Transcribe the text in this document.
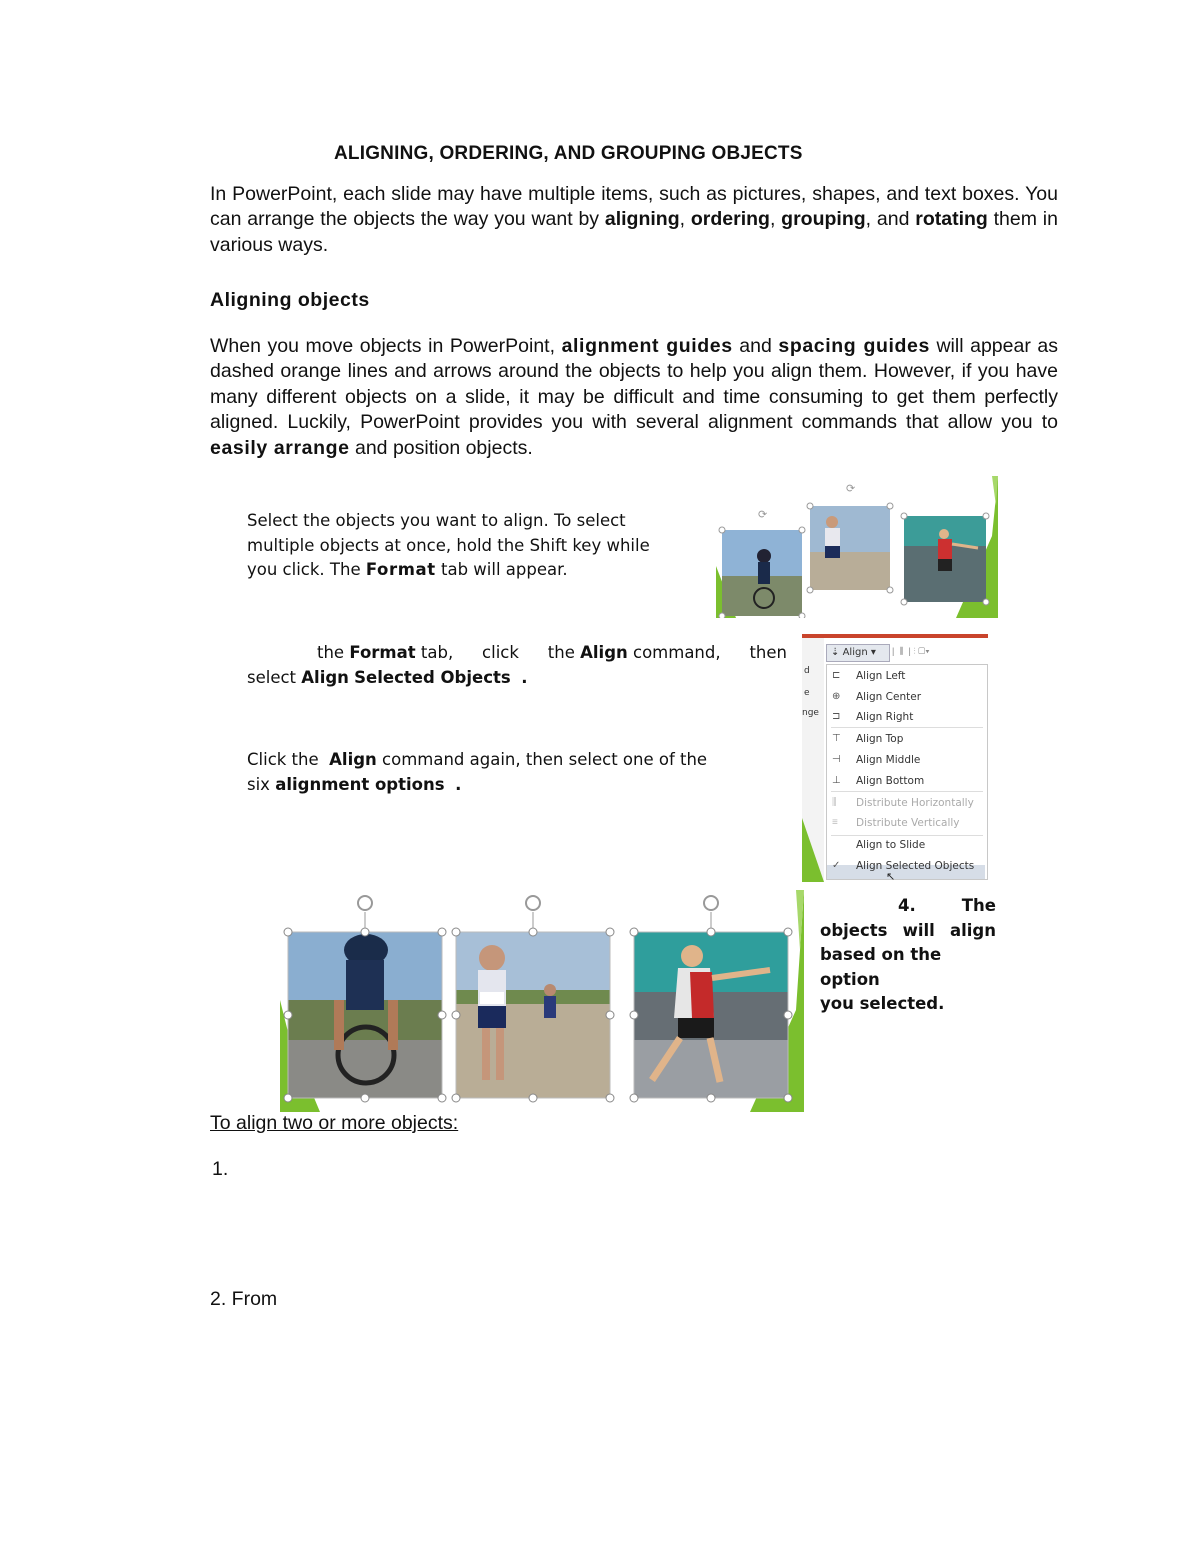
ALIGNING, ORDERING, AND GROUPING OBJECTS
In PowerPoint, each slide may have multiple items, such as pictures, shapes, and text boxes. You can arrange the objects the way you want by aligning, ordering, grouping, and rotating them in various ways.
Aligning objects
When you move objects in PowerPoint, alignment guides and spacing guides will appear as dashed orange lines and arrows around the objects to help you align them. However, if you have many different objects on a slide, it may be difficult and time consuming to get them perfectly aligned. Luckily, PowerPoint provides you with several alignment commands that allow you to easily arrange and position objects.
Select the objects you want to align. To select
multiple objects at once, hold the Shift key while
you click. The Format tab will appear.
⟳
⟳
the Format tab, click the Align command, then
select Align Selected Objects .
Click the Align command again, then select one of the
six alignment options .
d
e
nge
⇣ Align ▾	|  ⫼  | ⫶ ▢▾
⊏	Align Left
⊕	Align Center
⊐	Align Right
⊤	Align Top
⊣	Align Middle
⊥	Align Bottom
⫼	Distribute Horizontally
≡	Distribute Vertically
Align to Slide
✓	Align Selected Objects
↖
4.	The
objects will align
based on the option
you selected.
To align two or more objects:
1.
2. From
